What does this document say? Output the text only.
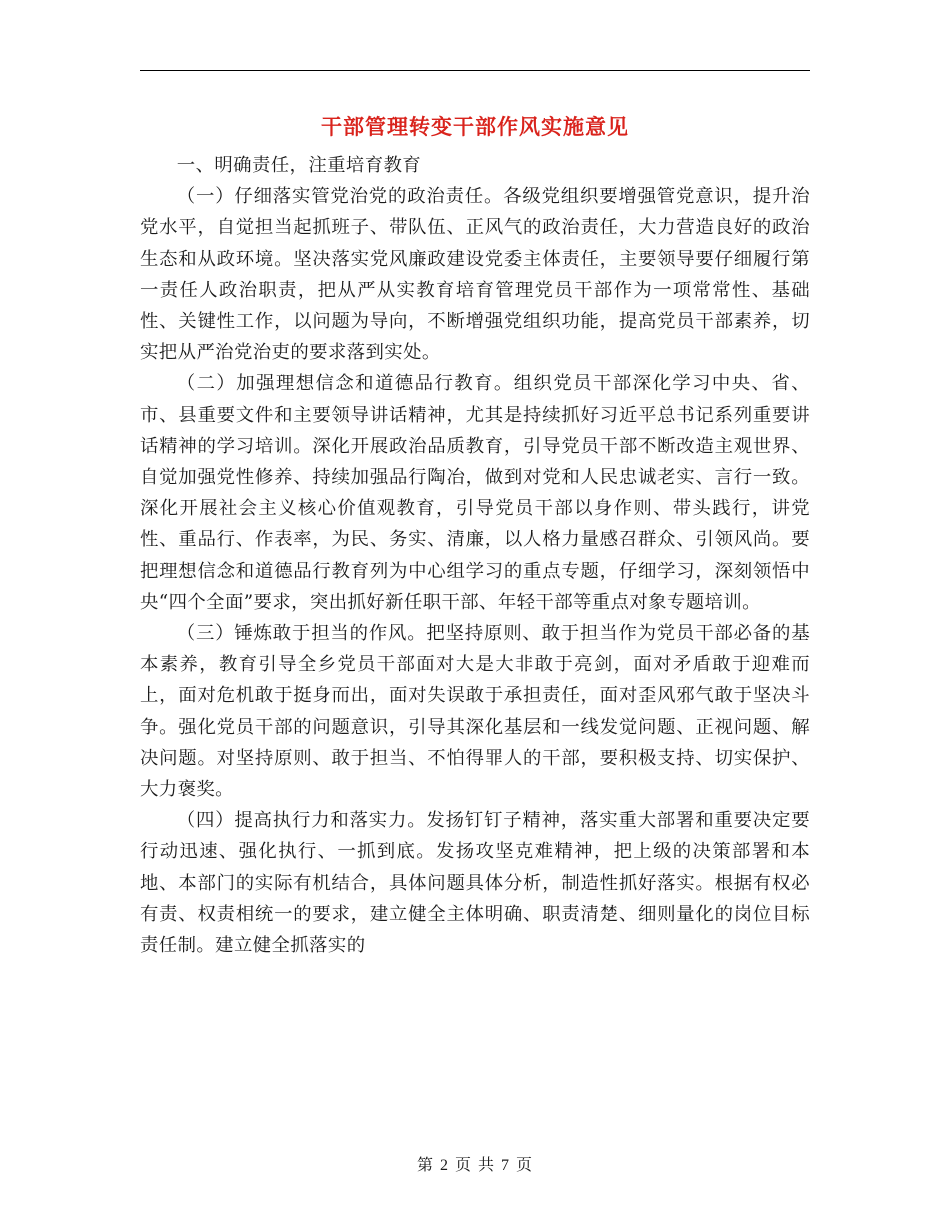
干部管理转变干部作风实施意见

一、明确责任，注重培育教育

（一）仔细落实管党治党的政治责任。各级党组织要增强管党意识，提升治党水平，自觉担当起抓班子、带队伍、正风气的政治责任，大力营造良好的政治生态和从政环境。坚决落实党风廉政建设党委主体责任，主要领导要仔细履行第一责任人政治职责，把从严从实教育培育管理党员干部作为一项常常性、基础性、关键性工作，以问题为导向，不断增强党组织功能，提高党员干部素养，切实把从严治党治吏的要求落到实处。

（二）加强理想信念和道德品行教育。组织党员干部深化学习中央、省、市、县重要文件和主要领导讲话精神，尤其是持续抓好习近平总书记系列重要讲话精神的学习培训。深化开展政治品质教育，引导党员干部不断改造主观世界、自觉加强党性修养、持续加强品行陶冶，做到对党和人民忠诚老实、言行一致。深化开展社会主义核心价值观教育，引导党员干部以身作则、带头践行，讲党性、重品行、作表率，为民、务实、清廉，以人格力量感召群众、引领风尚。要把理想信念和道德品行教育列为中心组学习的重点专题，仔细学习，深刻领悟中央“四个全面”要求，突出抓好新任职干部、年轻干部等重点对象专题培训。

（三）锤炼敢于担当的作风。把坚持原则、敢于担当作为党员干部必备的基本素养，教育引导全乡党员干部面对大是大非敢于亮剑，面对矛盾敢于迎难而上，面对危机敢于挺身而出，面对失误敢于承担责任，面对歪风邪气敢于坚决斗争。强化党员干部的问题意识，引导其深化基层和一线发觉问题、正视问题、解决问题。对坚持原则、敢于担当、不怕得罪人的干部，要积极支持、切实保护、大力褒奖。

（四）提高执行力和落实力。发扬钉钉子精神，落实重大部署和重要决定要行动迅速、强化执行、一抓到底。发扬攻坚克难精神，把上级的决策部署和本地、本部门的实际有机结合，具体问题具体分析，制造性抓好落实。根据有权必有责、权责相统一的要求，建立健全主体明确、职责清楚、细则量化的岗位目标责任制。建立健全抓落实的

第 2 页 共 7 页
